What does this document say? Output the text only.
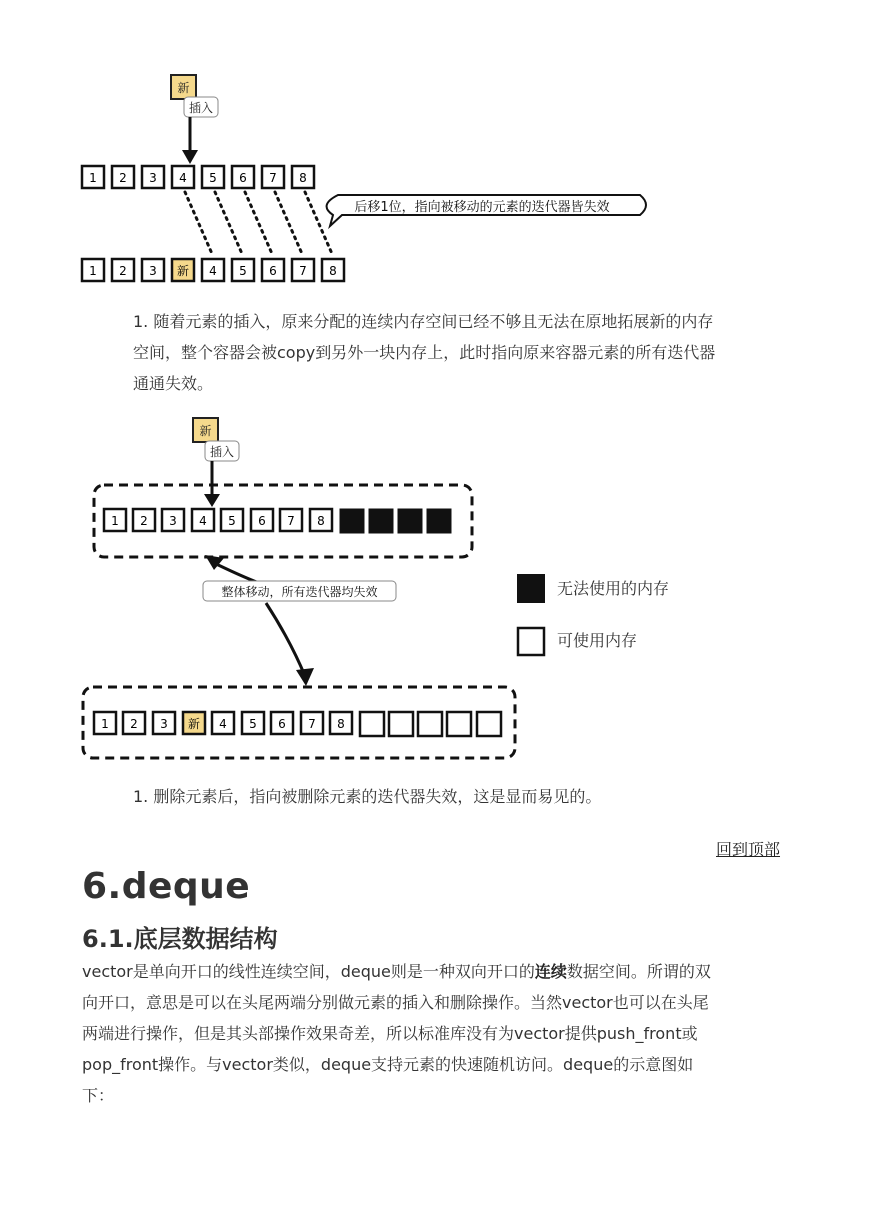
新
插入
1 2 3 4 5 6 7 8
后移1位，指向被移动的元素的迭代器皆失效
1 2 3 新 4 5 6 7 8

1. 随着元素的插入，原来分配的连续内存空间已经不够且无法在原地拓展新的内存

空间，整个容器会被copy到另外一块内存上，此时指向原来容器元素的所有迭代器

通通失效。

新
插入
1 2 3 4 5 6 7 8
整体移动，所有迭代器均失效	无法使用的内存
可使用内存
1 2 3 新 4 5 6 7 8

1. 删除元素后，指向被删除元素的迭代器失效，这是显而易见的。

回到顶部
6.deque
6.1.底层数据结构
vector是单向开口的线性连续空间，deque则是一种双向开口的连续数据空间。所谓的双
向开口，意思是可以在头尾两端分别做元素的插入和删除操作。当然vector也可以在头尾
两端进行操作，但是其头部操作效果奇差，所以标准库没有为vector提供push_front或
pop_front操作。与vector类似，deque支持元素的快速随机访问。deque的示意图如
下：
